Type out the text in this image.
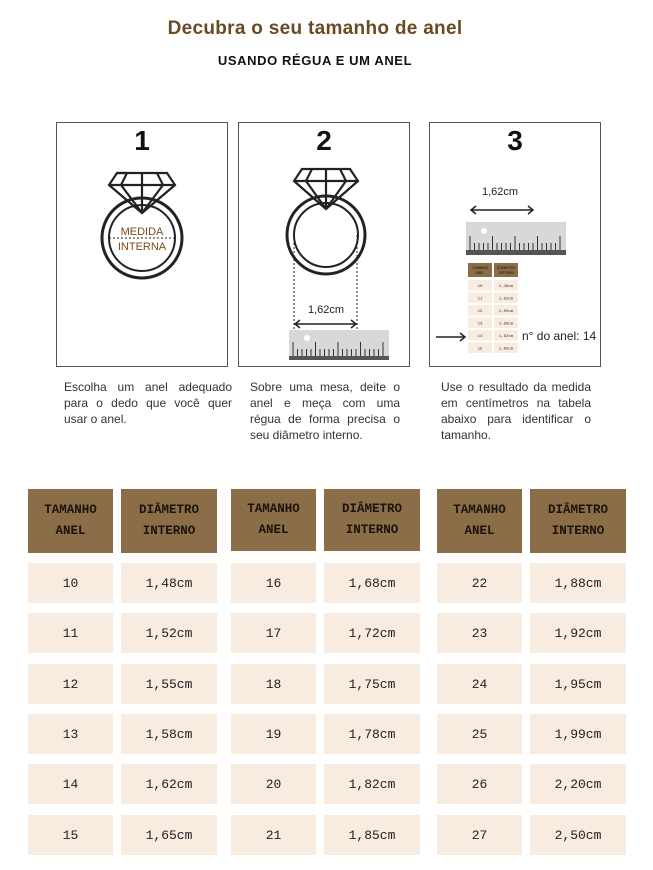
Decubra o seu tamanho de anel
USANDO RÉGUA E UM ANEL
1
MEDIDA
INTERNA
2
1,62cm
3
1,62cm
TAMANHO
ANEL
DIÂMETRO
INTERNO
10	1,48cm
11	1,52cm
12	1,55cm
13	1,58cm
14	1,62cm
15	1,65cm
n° do anel: 14
Escolha um anel adequado para o dedo que você quer usar o anel.
Sobre uma mesa, deite o anel e meça com uma régua de forma precisa o seu diâmetro interno.
Use o resultado da medida em centímetros na tabela abaixo para identificar o tamanho.
TAMANHO
ANEL
DIÂMETRO
INTERNO
10	1,48cm
11	1,52cm
12	1,55cm
13	1,58cm
14	1,62cm
15	1,65cm
TAMANHO
ANEL
DIÂMETRO
INTERNO
16	1,68cm
17	1,72cm
18	1,75cm
19	1,78cm
20	1,82cm
21	1,85cm
TAMANHO
ANEL
DIÂMETRO
INTERNO
22	1,88cm
23	1,92cm
24	1,95cm
25	1,99cm
26	2,20cm
27	2,50cm
